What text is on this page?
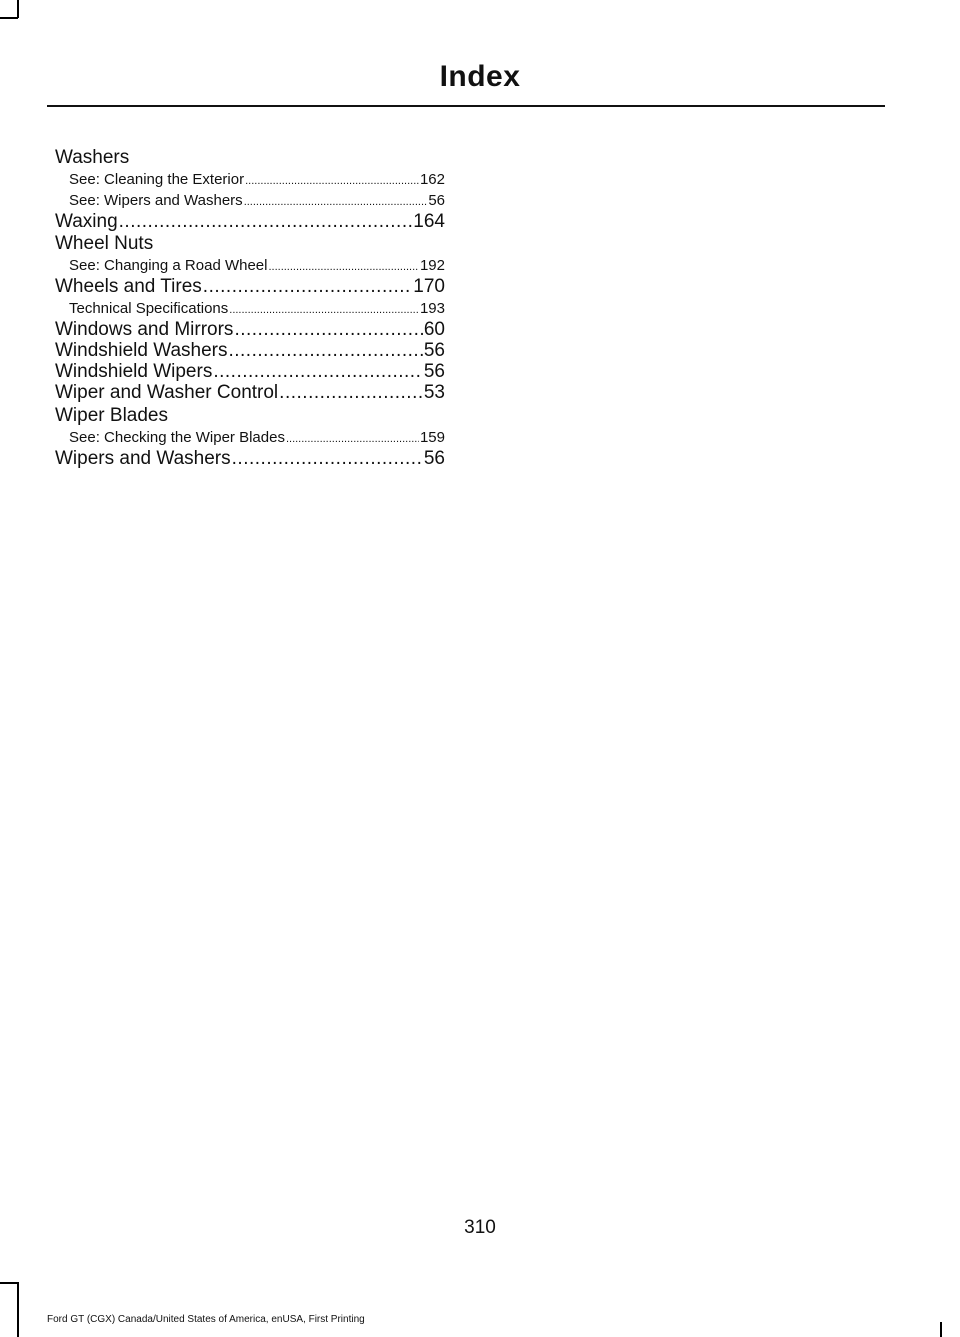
Index
Washers
See: Cleaning the Exterior .....	162
See: Wipers and Washers .....	56
Waxing .....	164
Wheel Nuts
See: Changing a Road Wheel .....	192
Wheels and Tires .....	170
Technical Specifications .....	193
Windows and Mirrors .....	60
Windshield Washers .....	56
Windshield Wipers .....	56
Wiper and Washer Control .....	53
Wiper Blades
See: Checking the Wiper Blades .....	159
Wipers and Washers .....	56
310
Ford GT (CGX) Canada/United States of America, enUSA, First Printing
